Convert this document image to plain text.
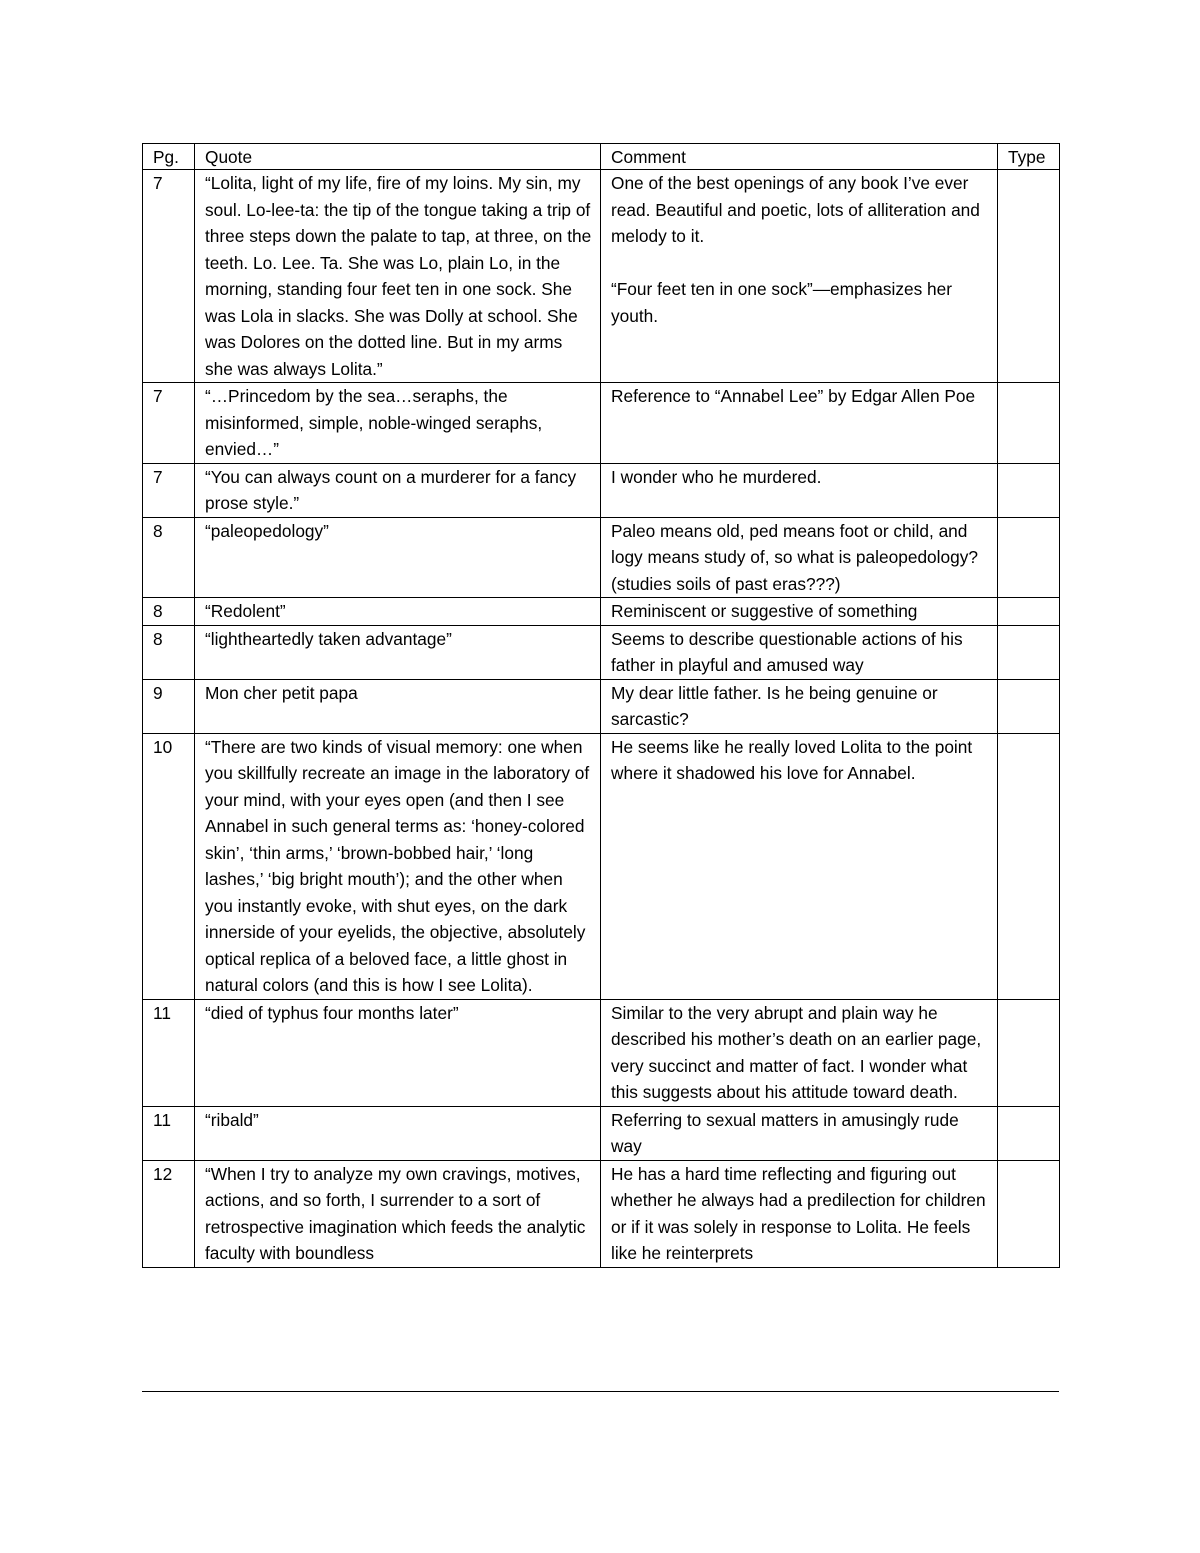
Pg.	Quote	Comment	Type
7	“Lolita, light of my life, fire of my loins. My sin, my soul. Lo-lee-ta: the tip of the tongue taking a trip of three steps down the palate to tap, at three, on the teeth. Lo. Lee. Ta. She was Lo, plain Lo, in the morning, standing four feet ten in one sock. She was Lola in slacks. She was Dolly at school. She was Dolores on the dotted line. But in my arms she was always Lolita.”	One of the best openings of any book I’ve ever read. Beautiful and poetic, lots of alliteration and melody to it.

“Four feet ten in one sock”—emphasizes her youth.	

7	“…Princedom by the sea…seraphs, the misinformed, simple, noble-winged seraphs, envied…”	Reference to “Annabel Lee” by Edgar Allen Poe	

7	“You can always count on a murderer for a fancy prose style.”	I wonder who he murdered.	

8	“paleopedology”	Paleo means old, ped means foot or child, and logy means study of, so what is paleopedology? (studies soils of past eras???)	

8	“Redolent”	Reminiscent or suggestive of something	

8	“lightheartedly taken advantage”	Seems to describe questionable actions of his father in playful and amused way	

9	Mon cher petit papa	My dear little father. Is he being genuine or sarcastic?	

10	“There are two kinds of visual memory: one when you skillfully recreate an image in the laboratory of your mind, with your eyes open (and then I see Annabel in such general terms as: ‘honey-colored skin’, ‘thin arms,’ ‘brown-bobbed hair,’ ‘long lashes,’ ‘big bright mouth’); and the other when you instantly evoke, with shut eyes, on the dark innerside of your eyelids, the objective, absolutely optical replica of a beloved face, a little ghost in natural colors (and this is how I see Lolita).	He seems like he really loved Lolita to the point where it shadowed his love for Annabel.	

11	“died of typhus four months later”	Similar to the very abrupt and plain way he described his mother’s death on an earlier page, very succinct and matter of fact. I wonder what this suggests about his attitude toward death.	

11	“ribald”	Referring to sexual matters in amusingly rude way	

12	“When I try to analyze my own cravings, motives, actions, and so forth, I surrender to a sort of retrospective imagination which feeds the analytic faculty with boundless	He has a hard time reflecting and figuring out whether he always had a predilection for children or if it was solely in response to Lolita. He feels like he reinterprets	
